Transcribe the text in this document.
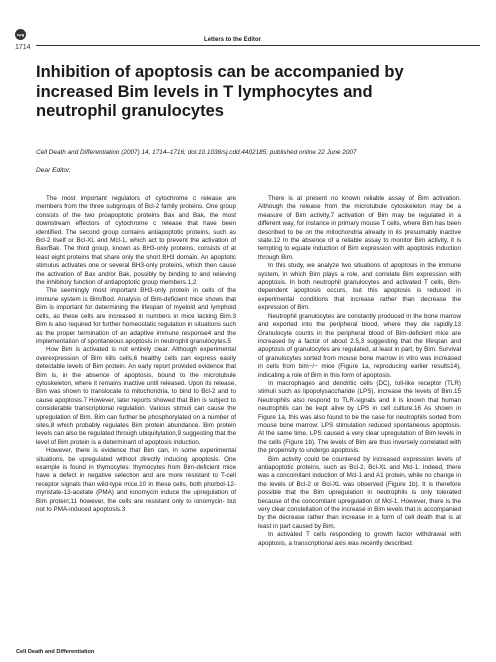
npg
1714
Letters to the Editor
Inhibition of apoptosis can be accompanied by increased Bim levels in T lymphocytes and neutrophil granulocytes
Cell Death and Differentiation (2007) 14, 1714–1716; doi:10.1038/sj.cdd.4402185; published online 22 June 2007
Dear Editor,

The most important regulators of cytochrome c release are members from the three subgroups of Bcl-2 family proteins. One group consists of the two proapoptotic proteins Bax and Bak, the most downstream effectors of cytochrome c release that have been identified. The second group contains antiapoptotic proteins, such as Bcl-2 itself or Bcl-XL and Mcl-1, which act to prevent the activation of Bax/Bak. The third group, known as BH3-only proteins, consists of at least eight proteins that share only the short BH3 domain. An apoptotic stimulus activates one or several BH3-only proteins, which then cause the activation of Bax and/or Bak, possibly by binding to and relieving the inhibitory function of antiapoptotic group members.1,2

The seemingly most important BH3-only protein in cells of the immune system is Bim/Bod. Analysis of Bim-deficient mice shows that Bim is important for determining the lifespan of myeloid and lymphoid cells, as these cells are increased in numbers in mice lacking Bim.3 Bim is also required for further homeostatic regulation in situations such as the proper termination of an adaptive immune response4 and the implementation of spontaneous apoptosis in neutrophil granulocytes.5

How Bim is activated is not entirely clear. Although experimental overexpression of Bim kills cells,6 healthy cells can express easily detectable levels of Bim protein. An early report provided evidence that Bim is, in the absence of apoptosis, bound to the microtubule cytoskeleton, where it remains inactive until released. Upon its release, Bim was shown to translocate to mitochondria, to bind to Bcl-2 and to cause apoptosis.7 However, later reports showed that Bim is subject to considerable transcriptional regulation. Various stimuli can cause the upregulation of Bim. Bim can further be phosphorylated on a number of sites,8 which probably regulates Bim protein abundance. Bim protein levels can also be regulated through ubiquitylation,9 suggesting that the level of Bim protein is a determinant of apoptosis induction.

However, there is evidence that Bim can, in some experimental situations, be upregulated without directly inducing apoptosis. One example is found in thymocytes: thymocytes from Bim-deficient mice have a defect in negative selection and are more resistant to T-cell receptor signals than wild-type mice.10 In these cells, both phorbol-12-myristate-13-acetate (PMA) and ionomycin induce the upregulation of Bim protein;11 however, the cells are resistant only to ionomycin- but not to PMA-induced apoptosis.3

There is at present no known reliable assay of Bim activation. Although the release from the microtubule cytoskeleton may be a measure of Bim activity,7 activation of Bim may be regulated in a different way, for instance in primary mouse T cells, where Bim has been described to be on the mitochondria already in its presumably inactive state.12 In the absence of a reliable assay to monitor Bim activity, it is tempting to equate induction of Bim expression with apoptosis induction through Bim.

In this study, we analyze two situations of apoptosis in the immune system, in which Bim plays a role, and correlate Bim expression with apoptosis. In both neutrophil granulocytes and activated T cells, Bim-dependent apoptosis occurs, but this apoptosis is reduced in experimental conditions that increase rather than decrease the expression of Bim.

Neutrophil granulocytes are constantly produced in the bone marrow and exported into the peripheral blood, where they die rapidly.13 Granulocyte counts in the peripheral blood of Bim-deficient mice are increased by a factor of about 2.5,3 suggesting that the lifespan and apoptosis of granulocytes are regulated, at least in part, by Bim. Survival of granulocytes sorted from mouse bone marrow in vitro was increased in cells from bim−/− mice (Figure 1a, reproducing earlier results14), indicating a role of Bim in this form of apoptosis.

In macrophages and dendritic cells (DC), toll-like receptor (TLR) stimuli such as lipopolysaccharide (LPS), increase the levels of Bim.15 Neutrophils also respond to TLR-signals and it is known that human neutrophils can be kept alive by LPS in cell culture.16 As shown in Figure 1a, this was also found to be the case for neutrophils sorted from mouse bone marrow: LPS stimulation reduced spontaneous apoptosis. At the same time, LPS caused a very clear upregulation of Bim levels in the cells (Figure 1b). The levels of Bim are thus inversely correlated with the propensity to undergo apoptosis.

Bim activity could be countered by increased expression levels of antiapoptotic proteins, such as Bcl-2, Bcl-XL and Mcl-1. Indeed, there was a concomitant induction of Mcl-1 and A1 protein, while no change in the levels of Bcl-2 or Bcl-XL was observed (Figure 1b). It is therefore possible that the Bim upregulation in neutrophils is only tolerated because of the concomitant upregulation of Mcl-1. However, there is the very clear constellation of the increase in Bim levels that is accompanied by the decrease rather than increase in a form of cell death that is at least in part caused by Bim.

In activated T cells responding to growth factor withdrawal with apoptosis, a transcriptional axis was recently described:

Cell Death and Differentiation
